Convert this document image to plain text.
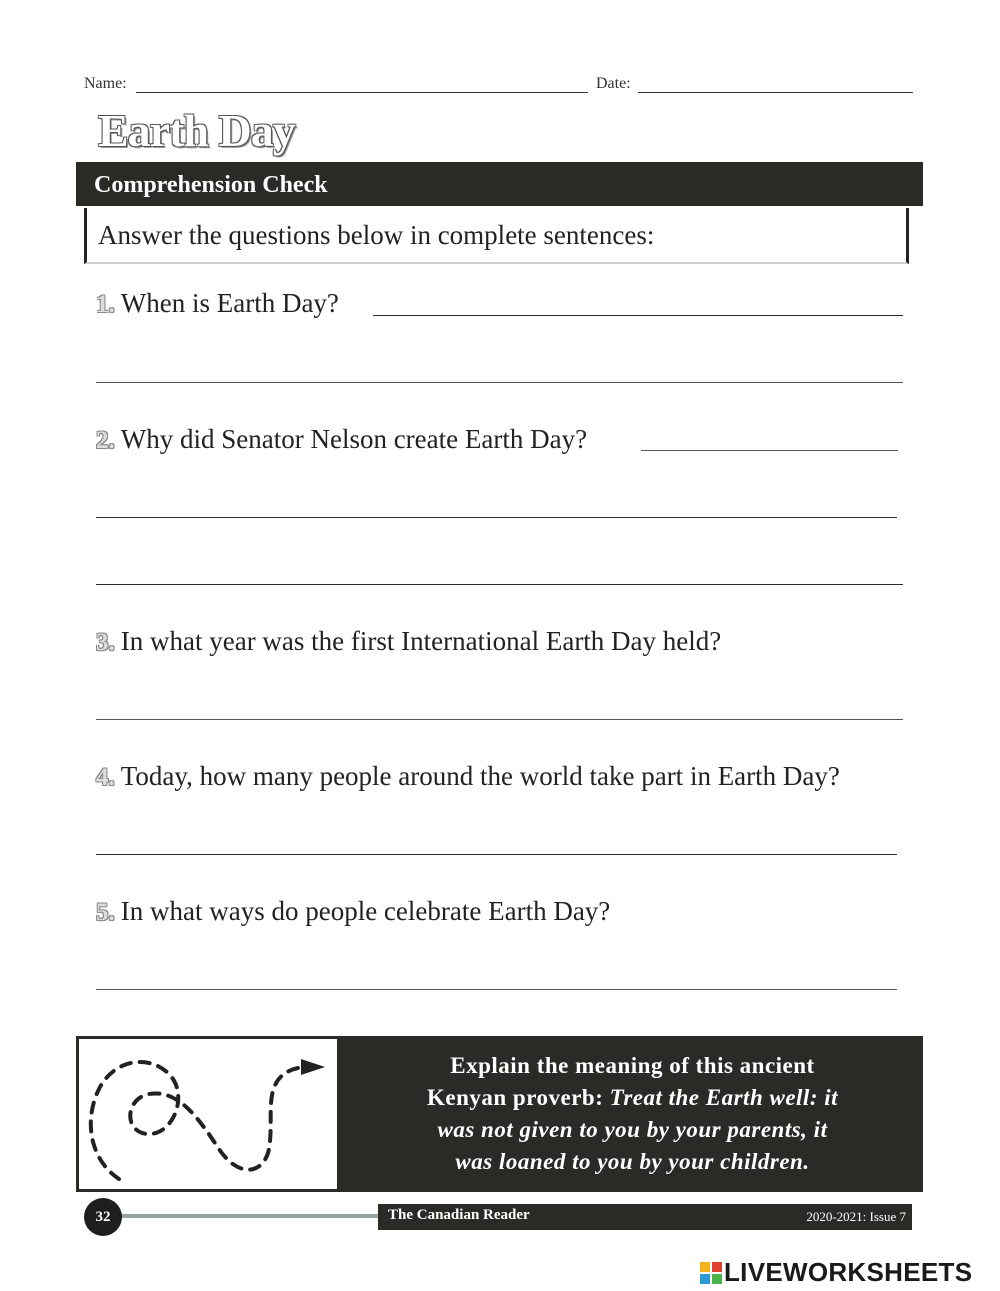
Name:	Date:
Earth Day
Comprehension Check
Answer the questions below in complete sentences:
1. When is Earth Day?
2. Why did Senator Nelson create Earth Day?
3. In what year was the first International Earth Day held?
4. Today, how many people around the world take part in Earth Day?
5. In what ways do people celebrate Earth Day?
Explain the meaning of this ancient
Kenyan proverb: Treat the Earth well: it
was not given to you by your parents, it
was loaned to you by your children.
32	The Canadian Reader	2020-2021: Issue 7
LIVEWORKSHEETS
